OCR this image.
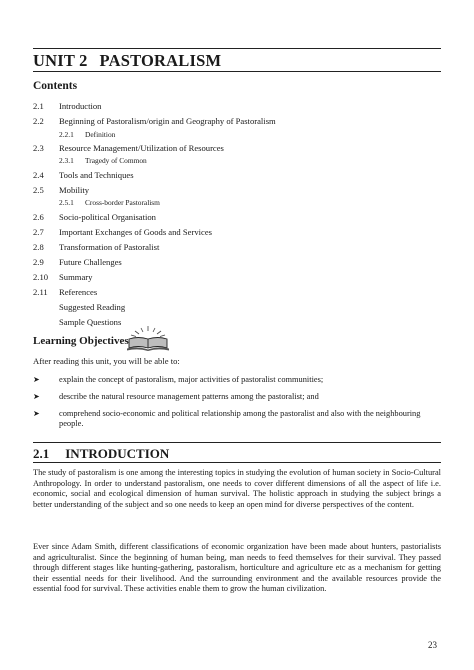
UNIT 2 PASTORALISM
Contents
2.1 Introduction
2.2 Beginning of Pastoralism/origin and Geography of Pastoralism
2.2.1 Definition
2.3 Resource Management/Utilization of Resources
2.3.1 Tragedy of Common
2.4 Tools and Techniques
2.5 Mobility
2.5.1 Cross-border Pastoralism
2.6 Socio-political Organisation
2.7 Important Exchanges of Goods and Services
2.8 Transformation of Pastoralist
2.9 Future Challenges
2.10 Summary
2.11 References
Suggested Reading
Sample Questions
Learning Objectives
After reading this unit, you will be able to:
➤ explain the concept of pastoralism, major activities of pastoralist communities;
➤ describe the natural resource management patterns among the pastoralist; and
➤ comprehend socio-economic and political relationship among the pastoralist and also with the neighbouring people.
2.1 INTRODUCTION
The study of pastoralism is one among the interesting topics in studying the evolution of human society in Socio-Cultural Anthropology. In order to understand pastoralism, one needs to cover different dimensions of all the aspect of life i.e. economic, social and ecological dimension of human survival. The holistic approach in studying the subject brings a better understanding of the subject and so one needs to keep an open mind for diverse perspectives of the content.
Ever since Adam Smith, different classifications of economic organization have been made about hunters, pastorialists and agriculturalist. Since the beginning of human being, man needs to feed themselves for their survival. They passed through different stages like hunting-gathering, pastoralism, horticulture and agriculture etc as a mechanism for getting their essential needs for their livelihood. And the surrounding environment and the available resources provide the essential food for survival. These activities enable them to grow the human civilization.
23
